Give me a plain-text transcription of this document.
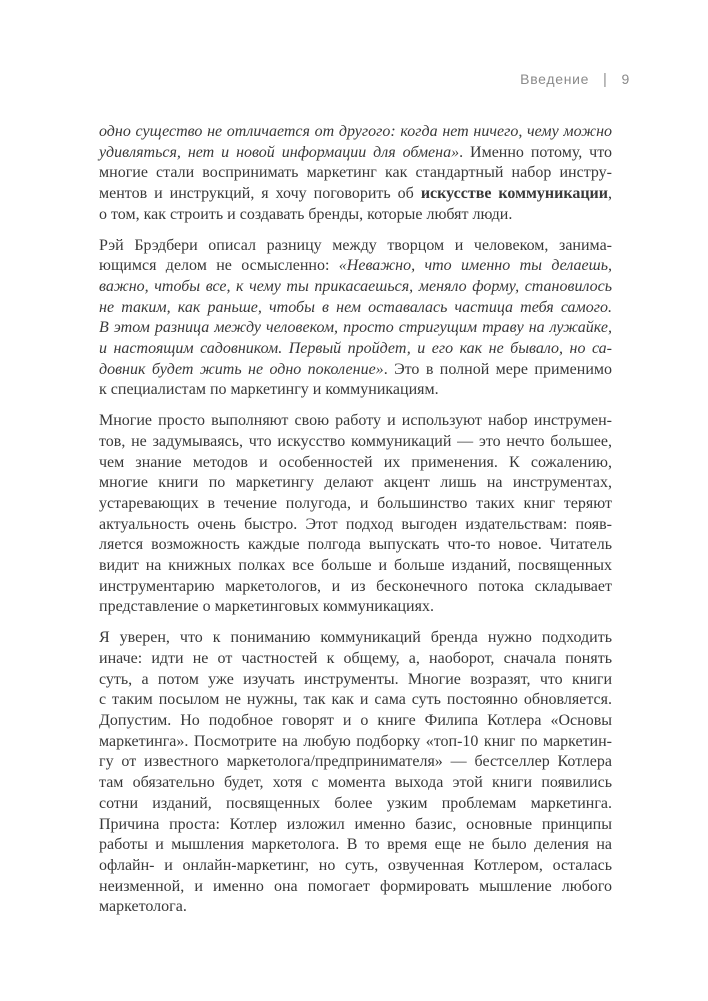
Введение | 9
одно существо не отличается от другого: когда нет ничего, чему можно
удивляться, нет и новой информации для обмена». Именно потому, что
многие стали воспринимать маркетинг как стандартный набор инстру-
ментов и инструкций, я хочу поговорить об искусстве коммуникации,
о том, как строить и создавать бренды, которые любят люди.
Рэй Брэдбери описал разницу между творцом и человеком, занима-
ющимся делом не осмысленно: «Неважно, что именно ты делаешь,
важно, чтобы все, к чему ты прикасаешься, меняло форму, становилось
не таким, как раньше, чтобы в нем оставалась частица тебя самого.
В этом разница между человеком, просто стригущим траву на лужайке,
и настоящим садовником. Первый пройдет, и его как не бывало, но са-
довник будет жить не одно поколение». Это в полной мере применимо
к специалистам по маркетингу и коммуникациям.
Многие просто выполняют свою работу и используют набор инструмен-
тов, не задумываясь, что искусство коммуникаций — это нечто большее,
чем знание методов и особенностей их применения. К сожалению,
многие книги по маркетингу делают акцент лишь на инструментах,
устаревающих в течение полугода, и большинство таких книг теряют
актуальность очень быстро. Этот подход выгоден издательствам: появ-
ляется возможность каждые полгода выпускать что-то новое. Читатель
видит на книжных полках все больше и больше изданий, посвященных
инструментарию маркетологов, и из бесконечного потока складывает
представление о маркетинговых коммуникациях.
Я уверен, что к пониманию коммуникаций бренда нужно подходить
иначе: идти не от частностей к общему, а, наоборот, сначала понять
суть, а потом уже изучать инструменты. Многие возразят, что книги
с таким посылом не нужны, так как и сама суть постоянно обновляется.
Допустим. Но подобное говорят и о книге Филипа Котлера «Основы
маркетинга». Посмотрите на любую подборку «топ-10 книг по маркетин-
гу от известного маркетолога/предпринимателя» — бестселлер Котлера
там обязательно будет, хотя с момента выхода этой книги появились
сотни изданий, посвященных более узким проблемам маркетинга.
Причина проста: Котлер изложил именно базис, основные принципы
работы и мышления маркетолога. В то время еще не было деления на
офлайн- и онлайн-маркетинг, но суть, озвученная Котлером, осталась
неизменной, и именно она помогает формировать мышление любого
маркетолога.
